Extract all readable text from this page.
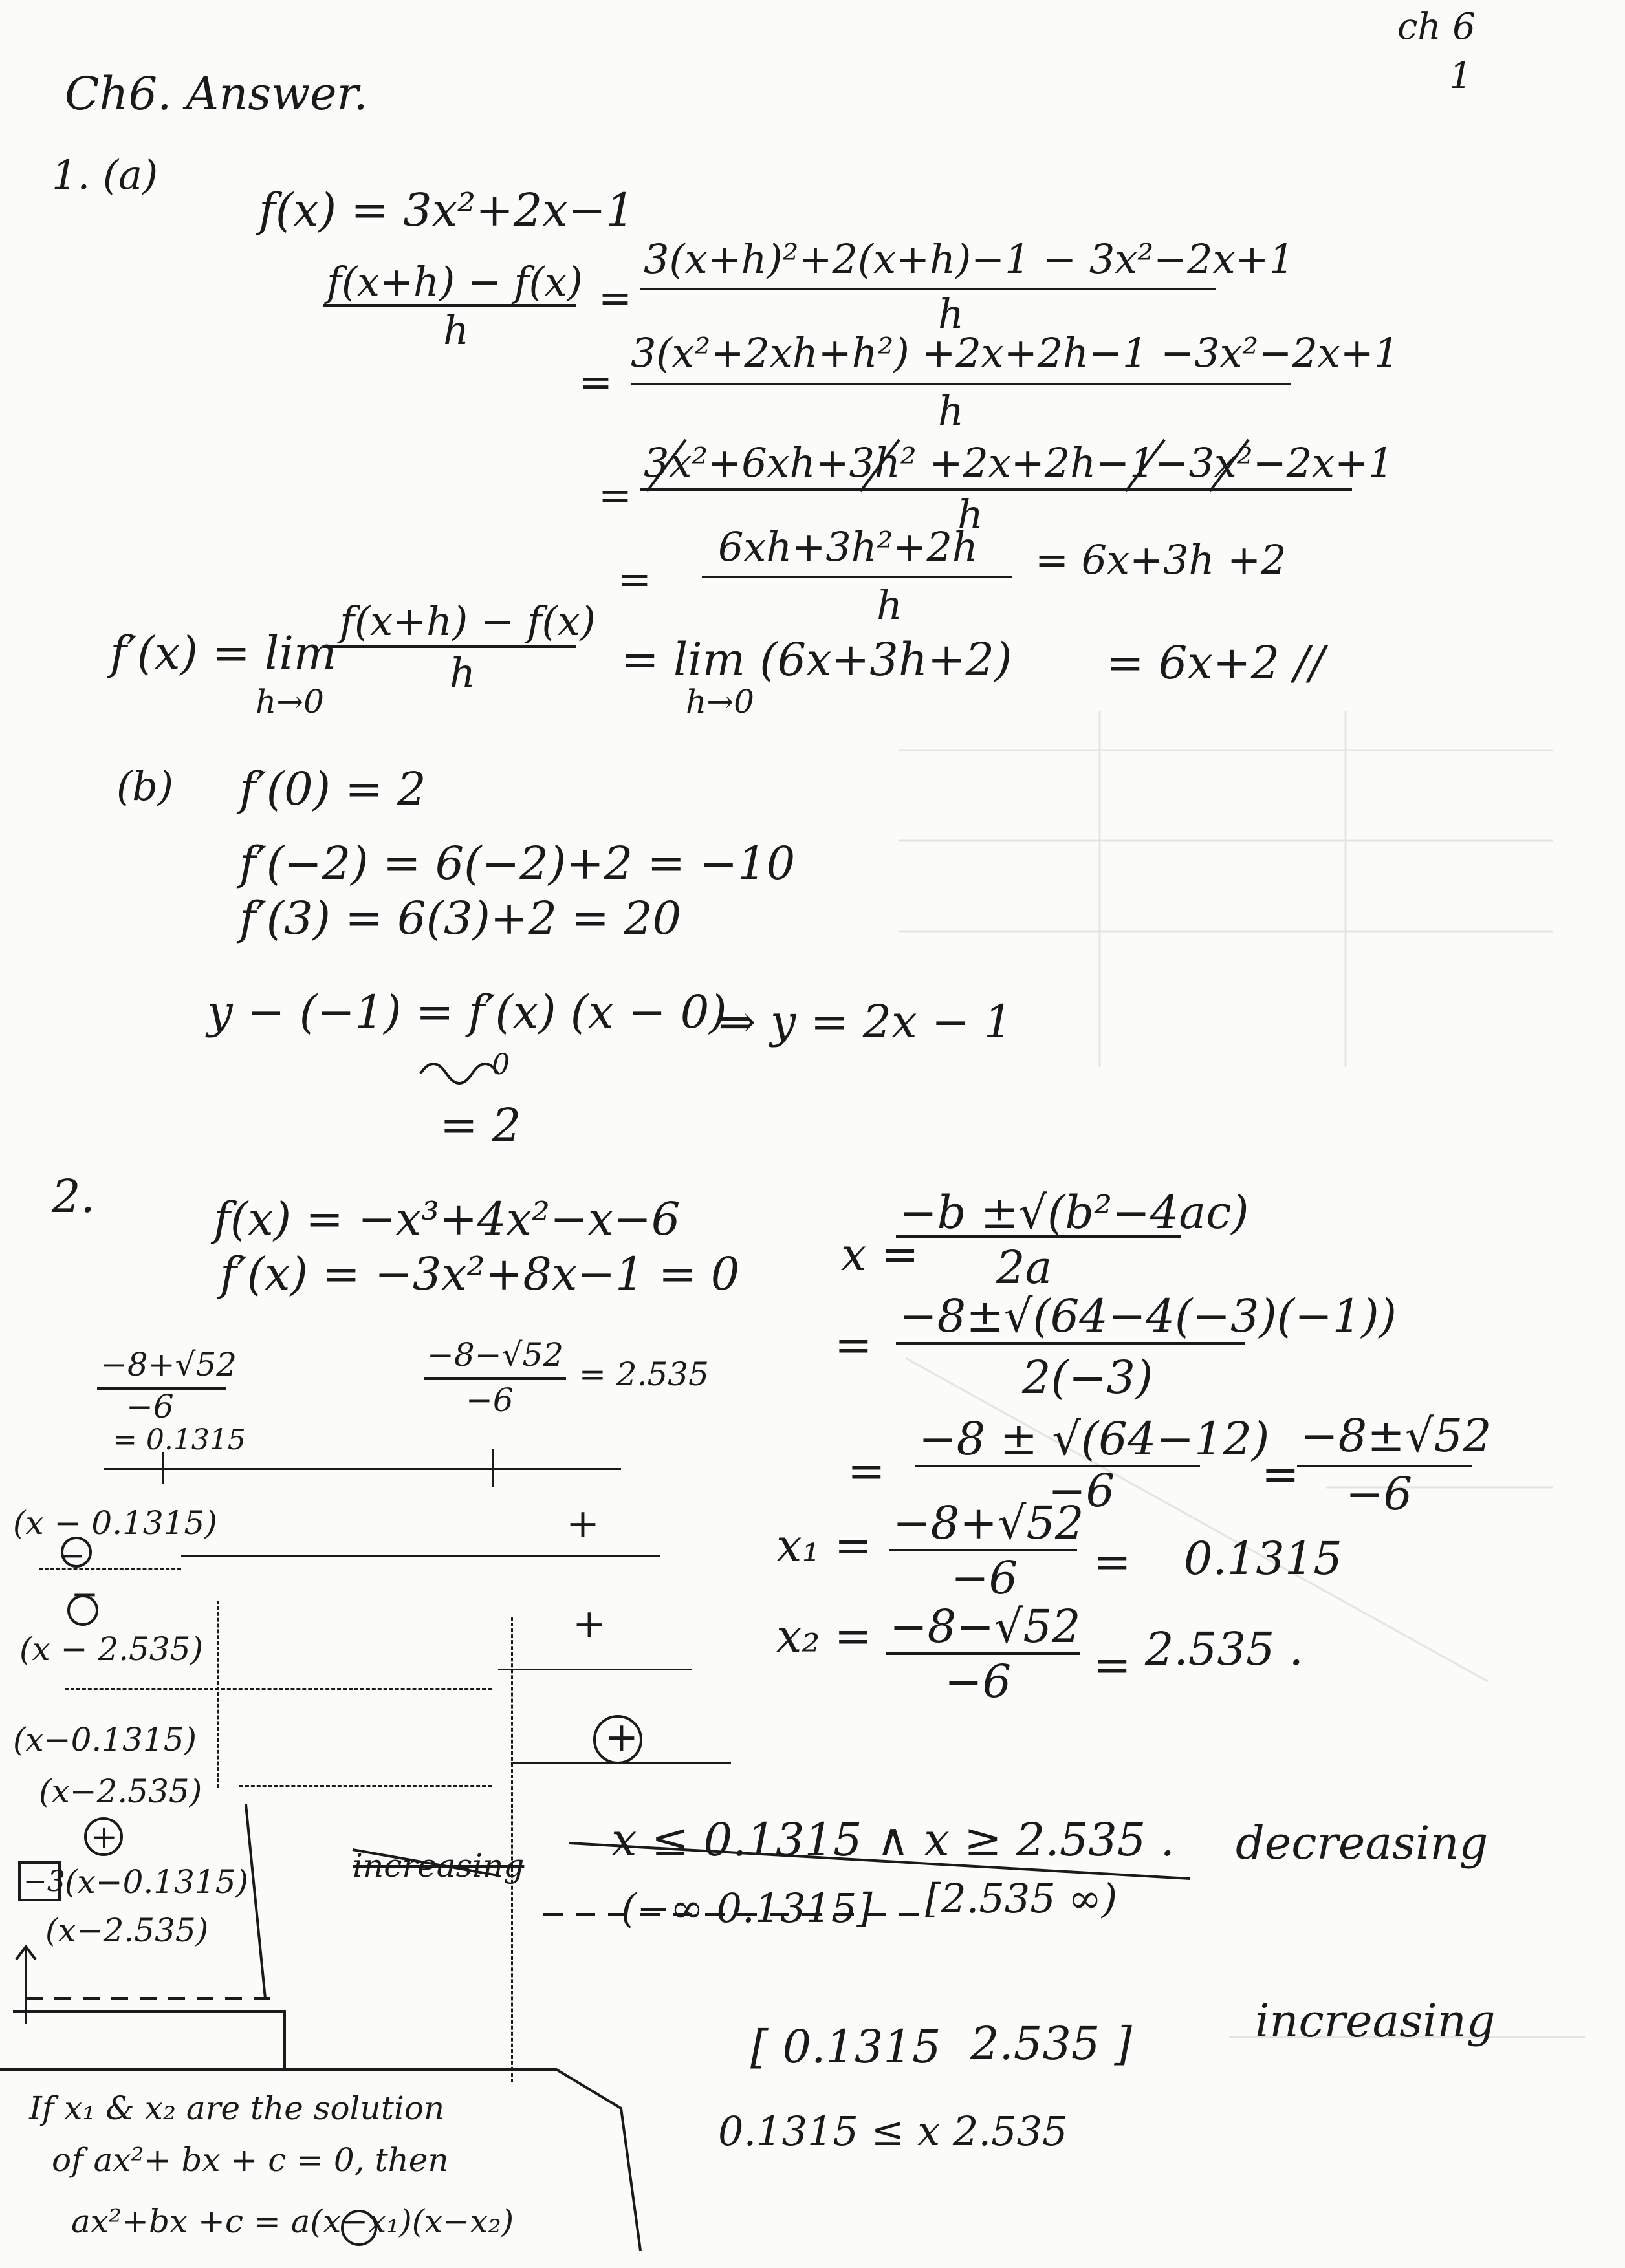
ch 6
1
Ch6. Answer.
1. (a)
f(x) = 3x²+2x−1
f(x+h) − f(x)
h
=
3(x+h)²+2(x+h)−1 − 3x²−2x+1
h
=
3(x²+2xh+h²) +2x+2h−1 −3x²−2x+1
h
=
3x²+6xh+3h² +2x+2h−1−3x²−2x+1
h
=
6xh+3h²+2h
h
= 6x+3h +2
f′(x) = lim
h→0
f(x+h) − f(x)
h	= lim (6x+3h+2)
h→0
= 6x+2 //
(b) f′(0) = 2
f′(−2) = 6(−2)+2 = −10
f′(3) = 6(3)+2 = 20
y − (−1) = f′(x) (x − 0)
0
⇒ y = 2x − 1
= 2
2.	f(x) = −x³+4x²−x−6
f′(x) = −3x²+8x−1 = 0
−8+√52
−6
= 0.1315
−8−√52
−6
= 2.535
x =
−b ±√(b²−4ac)
2a
=
−8±√(64−4(−3)(−1))
2(−3)
=
−8 ± √(64−12)
−6	=
−8±√52
−6
x₁ = −8+√52
−6 = 0.1315
x₂ = −8−√52
−6 = 2.535 .
(x − 0.1315)
−
+
−
(x − 2.535)
+
(x−0.1315)
(x−2.535)
+
+
−3 (x−0.1315)
(x−2.535)
increasing x ≤ 0.1315 ∧ x ≥ 2.535 . decreasing
(−∞ 0.1315] [2.535 ∞)
[ 0.1315 2.535 ]	increasing
0.1315 ≤ x 2.535
If x₁ & x₂ are the solution
of ax²+ bx + c = 0, then
ax²+bx +c = a(x−x₁)(x−x₂)
